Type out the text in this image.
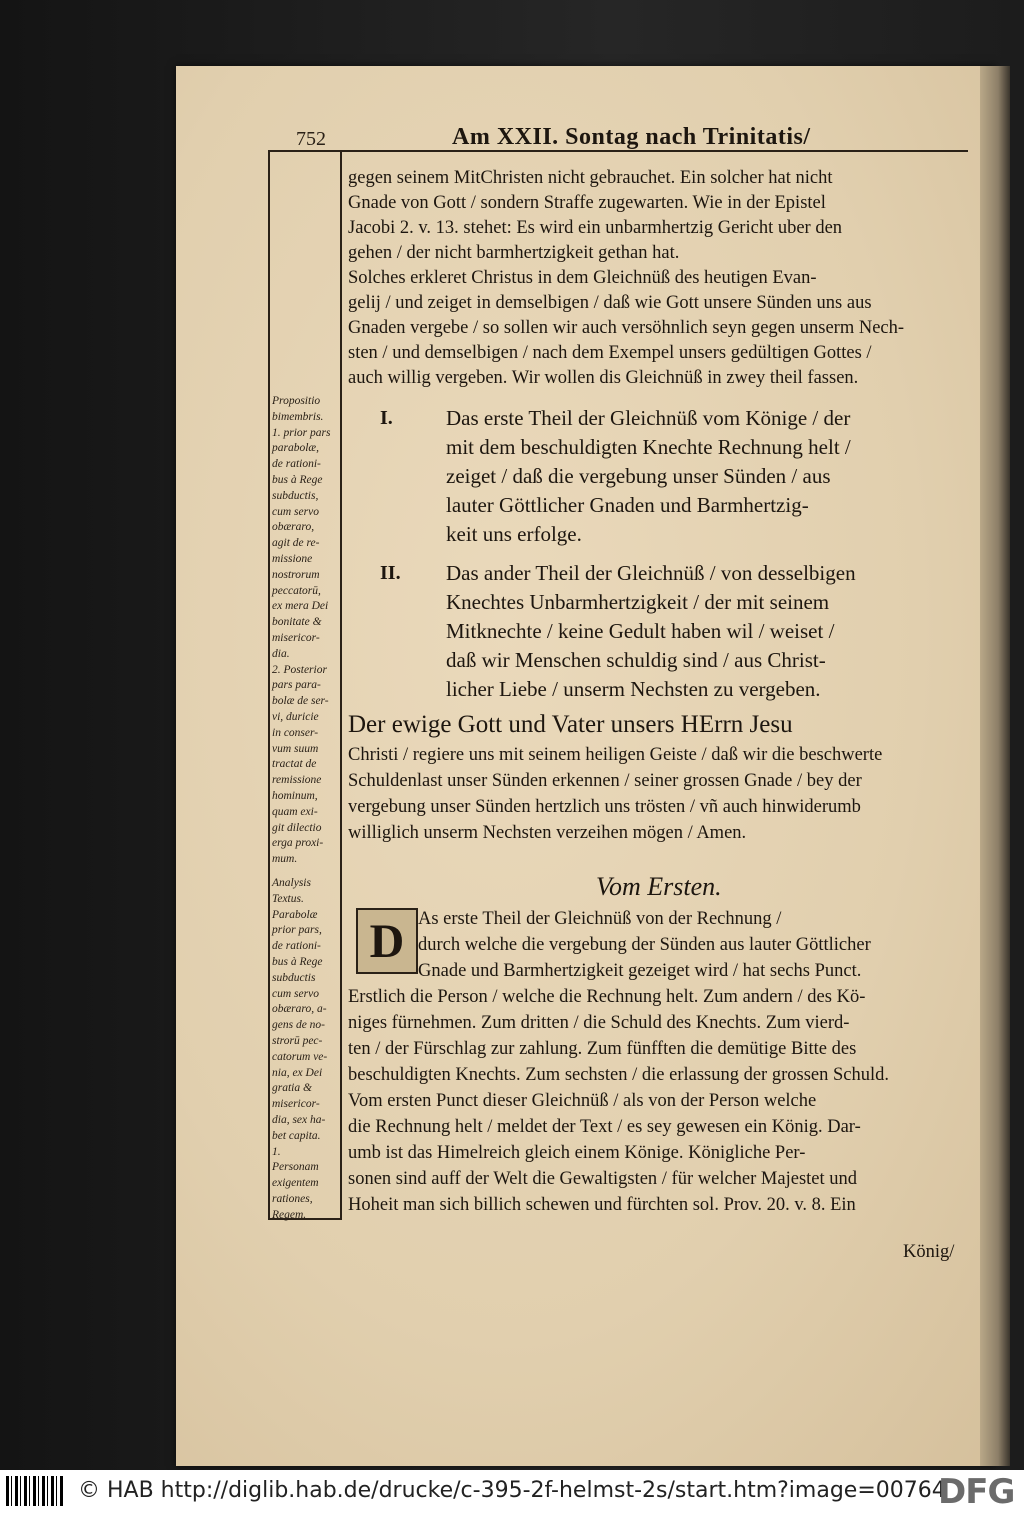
752	Am XXII. Sontag nach Trinitatis/
Propositio
bimembris.
1. prior pars
parabolæ,
de rationi-
bus à Rege
subductis,
cum servo
obæraro,
agit de re-
missione
nostrorum
peccatorū,
ex mera Dei
bonitate &
misericor-
dia.
2. Posterior
pars para-
bolæ de ser-
vi, duricie
in conser-
vum suum
tractat de
remissione
hominum,
quam exi-
git dilectio
erga proxi-
mum.
Analysis
Textus.
Parabolæ
prior pars,
de rationi-
bus à Rege
subductis
cum servo
obæraro, a-
gens de no-
strorū pec-
catorum ve-
nia, ex Dei
gratia &
misericor-
dia, sex ha-
bet capita.
1.
Personam
exigentem
rationes,
Regem.
gegen seinem MitChristen nicht gebrauchet. Ein solcher hat nicht
Gnade von Gott / sondern Straffe zugewarten. Wie in der Epistel
Jacobi 2. v. 13. stehet: Es wird ein unbarmhertzig Gericht uber den
gehen / der nicht barmhertzigkeit gethan hat.
Solches erkleret Christus in dem Gleichnüß des heutigen Evan-
gelij / und zeiget in demselbigen / daß wie Gott unsere Sünden uns aus
Gnaden vergebe / so sollen wir auch versöhnlich seyn gegen unserm Nech-
sten / und demselbigen / nach dem Exempel unsers gedültigen Gottes /
auch willig vergeben. Wir wollen dis Gleichnüß in zwey theil fassen.
I.	Das erste Theil der Gleichnüß vom Könige / der
mit dem beschuldigten Knechte Rechnung helt /
zeiget / daß die vergebung unser Sünden / aus
lauter Göttlicher Gnaden und Barmhertzig-
keit uns erfolge.
II. Das ander Theil der Gleichnüß / von desselbigen
Knechtes Unbarmhertzigkeit / der mit seinem
Mitknechte / keine Gedult haben wil / weiset /
daß wir Menschen schuldig sind / aus Christ-
licher Liebe / unserm Nechsten zu vergeben.
Der ewige Gott und Vater unsers HErrn Jesu
Christi / regiere uns mit seinem heiligen Geiste / daß wir die beschwerte
Schuldenlast unser Sünden erkennen / seiner grossen Gnade / bey der
vergebung unser Sünden hertzlich uns trösten / vñ auch hinwiderumb
williglich unserm Nechsten verzeihen mögen / Amen.
Vom Ersten.
D As erste Theil der Gleichnüß von der Rechnung /
durch welche die vergebung der Sünden aus lauter Göttlicher
Gnade und Barmhertzigkeit gezeiget wird / hat sechs Punct.
Erstlich die Person / welche die Rechnung helt. Zum andern / des Kö-
niges fürnehmen. Zum dritten / die Schuld des Knechts. Zum vierd-
ten / der Fürschlag zur zahlung. Zum fünfften die demütige Bitte des
beschuldigten Knechts. Zum sechsten / die erlassung der grossen Schuld.
Vom ersten Punct dieser Gleichnüß / als von der Person welche
die Rechnung helt / meldet der Text / es sey gewesen ein König. Dar-
umb ist das Himelreich gleich einem Könige. Königliche Per-
sonen sind auff der Welt die Gewaltigsten / für welcher Majestet und
Hoheit man sich billich schewen und fürchten sol. Prov. 20. v. 8. Ein
König/
© HAB http://diglib.hab.de/drucke/c-395-2f-helmst-2s/start.htm?image=00764
DFG
